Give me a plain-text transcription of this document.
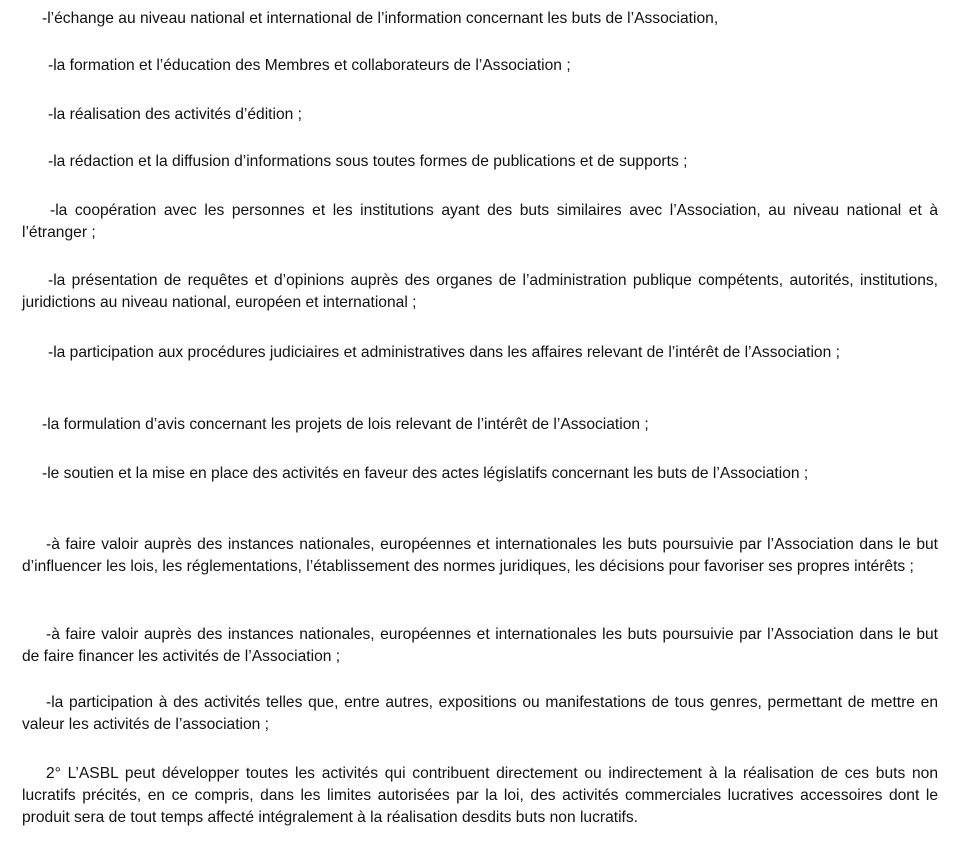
-l’échange au niveau national et international de l’information concernant les buts de l’Association,

-la formation et l’éducation des Membres et collaborateurs de l’Association ;

-la réalisation des activités d’édition ;

-la rédaction et la diffusion d’informations sous toutes formes de publications et de supports ;

-la coopération avec les personnes et les institutions ayant des buts similaires avec l’Association, au niveau national et à l’étranger ;

-la présentation de requêtes et d’opinions auprès des organes de l’administration publique compétents, autorités, institutions, juridictions au niveau national, européen et international ;

-la participation aux procédures judiciaires et administratives dans les affaires relevant de l’intérêt de l’Association ;

-la formulation d’avis concernant les projets de lois relevant de l’intérêt de l’Association ;

-le soutien et la mise en place des activités en faveur des actes législatifs concernant les buts de l’Association ;

-à faire valoir auprès des instances nationales, européennes et internationales les buts poursuivie par l’Association dans le but d’influencer les lois, les réglementations, l’établissement des normes juridiques, les décisions pour favoriser ses propres intérêts ;

-à faire valoir auprès des instances nationales, européennes et internationales les buts poursuivie par l’Association dans le but de faire financer les activités de l’Association ;

-la participation à des activités telles que, entre autres, expositions ou manifestations de tous genres, permettant de mettre en valeur les activités de l’association ;

2° L’ASBL peut développer toutes les activités qui contribuent directement ou indirectement à la réalisation de ces buts non lucratifs précités, en ce compris, dans les limites autorisées par la loi, des activités commerciales lucratives accessoires dont le produit sera de tout temps affecté intégralement à la réalisation desdits buts non lucratifs.
